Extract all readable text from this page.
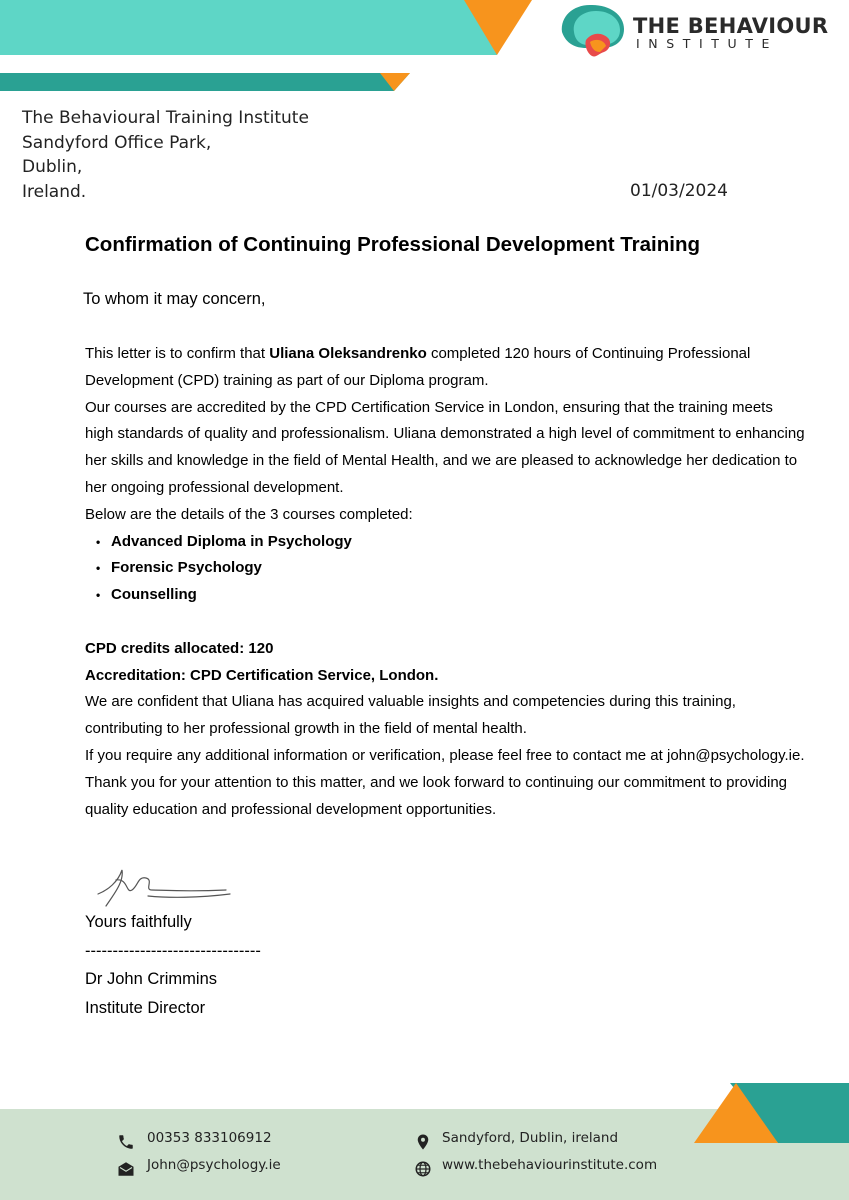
THE BEHAVIOUR
INSTITUTE
The Behavioural Training Institute
Sandyford Office Park,
Dublin,
Ireland.	01/03/2024
Confirmation of Continuing Professional Development Training
To whom it may concern,

This letter is to confirm that Uliana Oleksandrenko completed 120 hours of Continuing Professional Development (CPD) training as part of our Diploma program.

Our courses are accredited by the CPD Certification Service in London, ensuring that the training meets high standards of quality and professionalism. Uliana demonstrated a high level of commitment to enhancing her skills and knowledge in the field of Mental Health, and we are pleased to acknowledge her dedication to her ongoing professional development.

Below are the details of the 3 courses completed:

• Advanced Diploma in Psychology
• Forensic Psychology
• Counselling

CPD credits allocated: 120

Accreditation: CPD Certification Service, London.

We are confident that Uliana has acquired valuable insights and competencies during this training, contributing to her professional growth in the field of mental health.

If you require any additional information or verification, please feel free to contact me at john@psychology.ie.

Thank you for your attention to this matter, and we look forward to continuing our commitment to providing quality education and professional development opportunities.

Yours faithfully
--------------------------------
Dr John Crimmins
Institute Director
00353 833106912
John@psychology.ie
Sandyford, Dublin, ireland
www.thebehaviourinstitute.com
